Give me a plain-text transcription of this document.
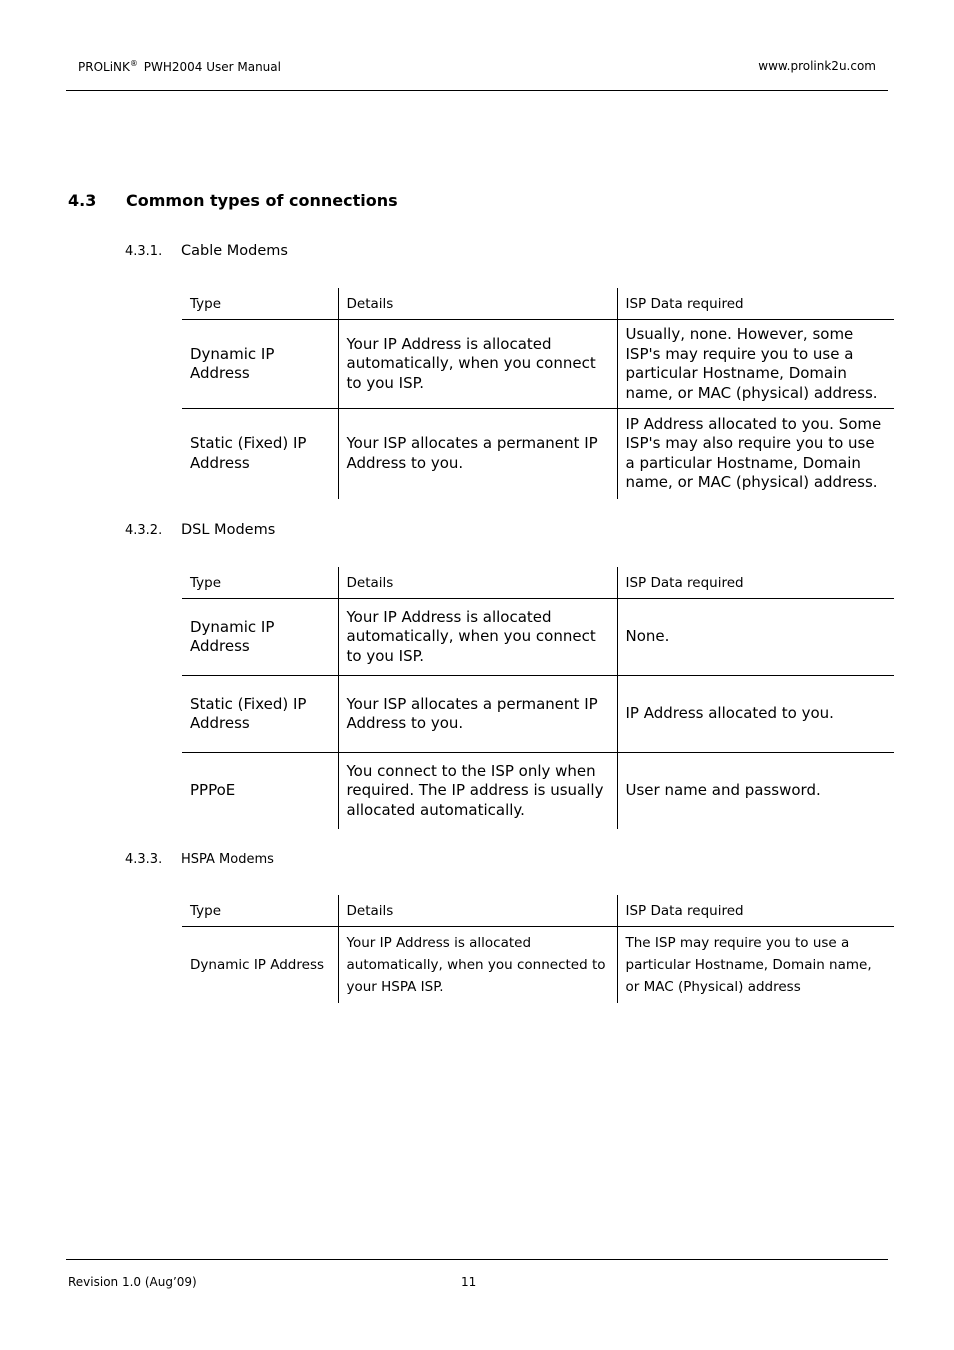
PROLiNK® PWH2004 User Manual	www.prolink2u.com
4.3 Common types of connections
4.3.1. Cable Modems
Type	Details	ISP Data required
Dynamic IP Address	Your IP Address is allocated automatically, when you connect to you ISP.	Usually, none. However, some ISP's may require you to use a particular Hostname, Domain name, or MAC (physical) address.
Static (Fixed) IP Address	Your ISP allocates a permanent IP Address to you.	IP Address allocated to you. Some ISP's may also require you to use a particular Hostname, Domain name, or MAC (physical) address.
4.3.2. DSL Modems
Type	Details	ISP Data required
Dynamic IP Address	Your IP Address is allocated automatically, when you connect to you ISP.	None.
Static (Fixed) IP Address	Your ISP allocates a permanent IP Address to you.	IP Address allocated to you.
PPPoE	You connect to the ISP only when required. The IP address is usually allocated automatically.	User name and password.
4.3.3. HSPA Modems
Type	Details	ISP Data required
Dynamic IP Address	Your IP Address is allocated automatically, when you connected to your HSPA ISP.	The ISP may require you to use a particular Hostname, Domain name, or MAC (Physical) address
Revision 1.0 (Aug’09)	11
